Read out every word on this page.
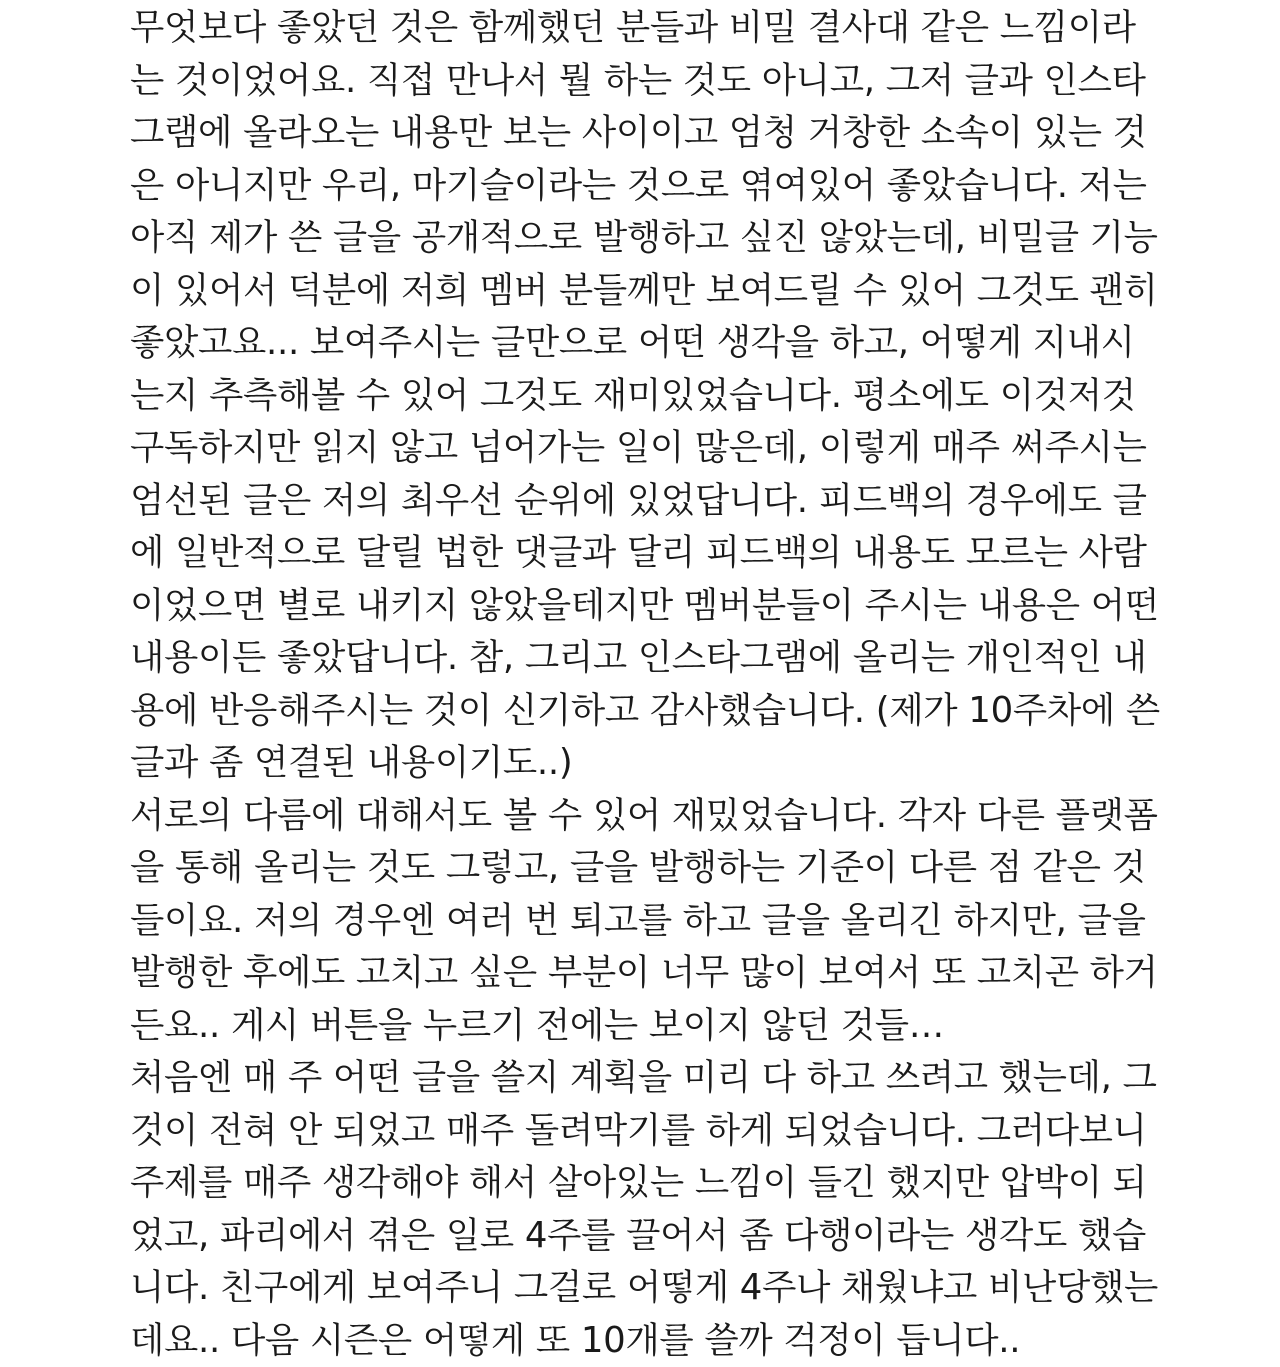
무엇보다 좋았던 것은 함께했던 분들과 비밀 결사대 같은 느낌이라
는 것이었어요. 직접 만나서 뭘 하는 것도 아니고, 그저 글과 인스타
그램에 올라오는 내용만 보는 사이이고 엄청 거창한 소속이 있는 것
은 아니지만 우리, 마기슬이라는 것으로 엮여있어 좋았습니다. 저는
아직 제가 쓴 글을 공개적으로 발행하고 싶진 않았는데, 비밀글 기능
이 있어서 덕분에 저희 멤버 분들께만 보여드릴 수 있어 그것도 괜히
좋았고요... 보여주시는 글만으로 어떤 생각을 하고, 어떻게 지내시
는지 추측해볼 수 있어 그것도 재미있었습니다. 평소에도 이것저것
구독하지만 읽지 않고 넘어가는 일이 많은데, 이렇게 매주 써주시는
엄선된 글은 저의 최우선 순위에 있었답니다. 피드백의 경우에도 글
에 일반적으로 달릴 법한 댓글과 달리 피드백의 내용도 모르는 사람
이었으면 별로 내키지 않았을테지만 멤버분들이 주시는 내용은 어떤
내용이든 좋았답니다. 참, 그리고 인스타그램에 올리는 개인적인 내
용에 반응해주시는 것이 신기하고 감사했습니다. (제가 10주차에 쓴
글과 좀 연결된 내용이기도..)
서로의 다름에 대해서도 볼 수 있어 재밌었습니다. 각자 다른 플랫폼
을 통해 올리는 것도 그렇고, 글을 발행하는 기준이 다른 점 같은 것
들이요. 저의 경우엔 여러 번 퇴고를 하고 글을 올리긴 하지만, 글을
발행한 후에도 고치고 싶은 부분이 너무 많이 보여서 또 고치곤 하거
든요.. 게시 버튼을 누르기 전에는 보이지 않던 것들…
처음엔 매 주 어떤 글을 쓸지 계획을 미리 다 하고 쓰려고 했는데, 그
것이 전혀 안 되었고 매주 돌려막기를 하게 되었습니다. 그러다보니
주제를 매주 생각해야 해서 살아있는 느낌이 들긴 했지만 압박이 되
었고, 파리에서 겪은 일로 4주를 끌어서 좀 다행이라는 생각도 했습
니다. 친구에게 보여주니 그걸로 어떻게 4주나 채웠냐고 비난당했는
데요.. 다음 시즌은 어떻게 또 10개를 쓸까 걱정이 듭니다..
